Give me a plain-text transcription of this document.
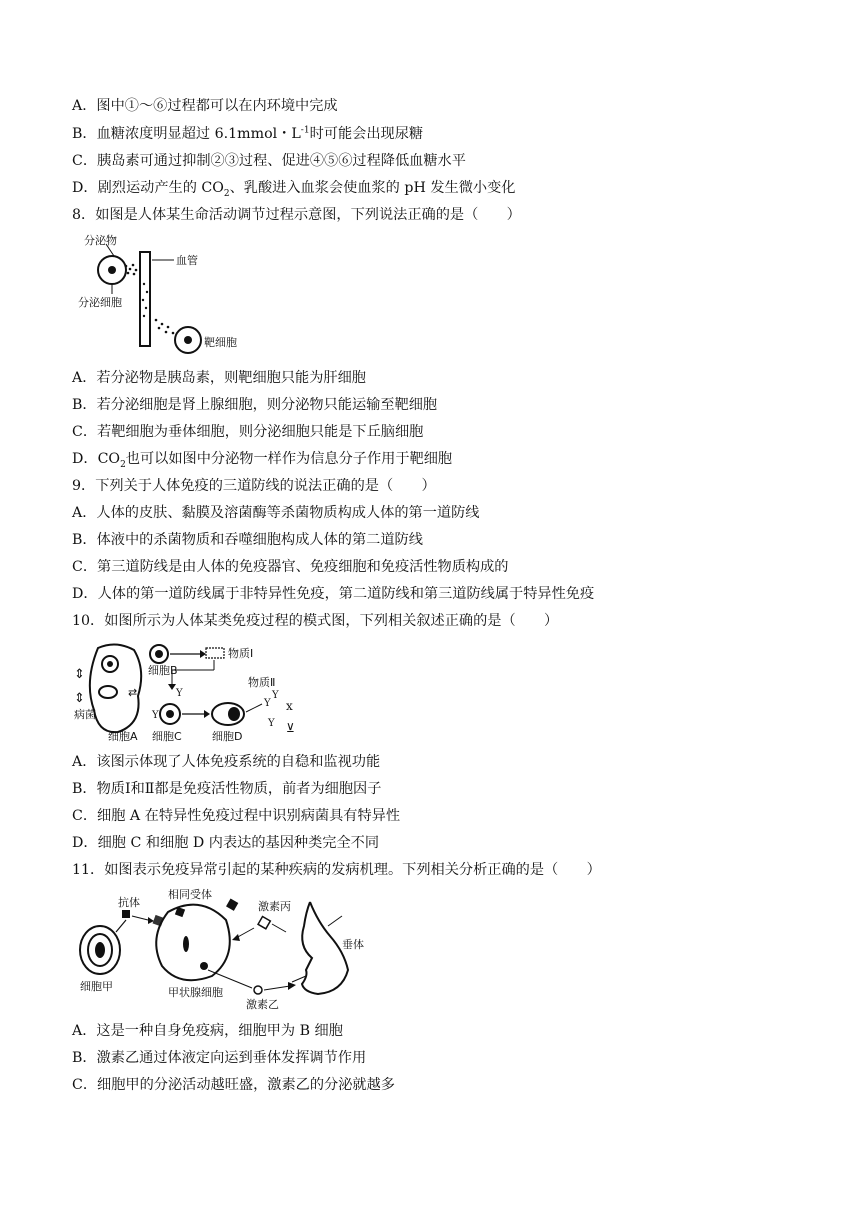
A．图中①～⑥过程都可以在内环境中完成
B．血糖浓度明显超过 6.1mmol・$L^{-1}$时可能会出现尿糖
C．胰岛素可通过抑制②③过程、促进④⑤⑥过程降低血糖水平
D．剧烈运动产生的 $CO_2$、乳酸进入血浆会使血浆的 pH 发生微小变化
8．如图是人体某生命活动调节过程示意图，下列说法正确的是（　　）
分泌物
血管
分泌细胞
靶细胞
A．若分泌物是胰岛素，则靶细胞只能为肝细胞
B．若分泌细胞是肾上腺细胞，则分泌物只能运输至靶细胞
C．若靶细胞为垂体细胞，则分泌细胞只能是下丘脑细胞
D．$CO_2$也可以如图中分泌物一样作为信息分子作用于靶细胞
9．下列关于人体免疫的三道防线的说法正确的是（　　）
A．人体的皮肤、黏膜及溶菌酶等杀菌物质构成人体的第一道防线
B．体液中的杀菌物质和吞噬细胞构成人体的第二道防线
C．第三道防线是由人体的免疫器官、免疫细胞和免疫活性物质构成的
D．人体的第一道防线属于非特异性免疫，第二道防线和第三道防线属于特异性免疫
10．如图所示为人体某类免疫过程的模式图，下列相关叙述正确的是（　　）
⇕
⇕	⇄
Y
Y
Y
Y
Y
ⅹ
⊻
细胞B
物质Ⅰ
物质Ⅱ
病菌
细胞A 细胞C	细胞D
A．该图示体现了人体免疫系统的自稳和监视功能
B．物质Ⅰ和Ⅱ都是免疫活性物质，前者为细胞因子
C．细胞 A 在特异性免疫过程中识别病菌具有特异性
D．细胞 C 和细胞 D 内表达的基因种类完全不同
11．如图表示免疫异常引起的某种疾病的发病机理。下列相关分析正确的是（　　）
抗体
相同受体
激素丙
垂体
细胞甲	甲状腺细胞
激素乙
A．这是一种自身免疫病，细胞甲为 B 细胞
B．激素乙通过体液定向运到垂体发挥调节作用
C．细胞甲的分泌活动越旺盛，激素乙的分泌就越多
